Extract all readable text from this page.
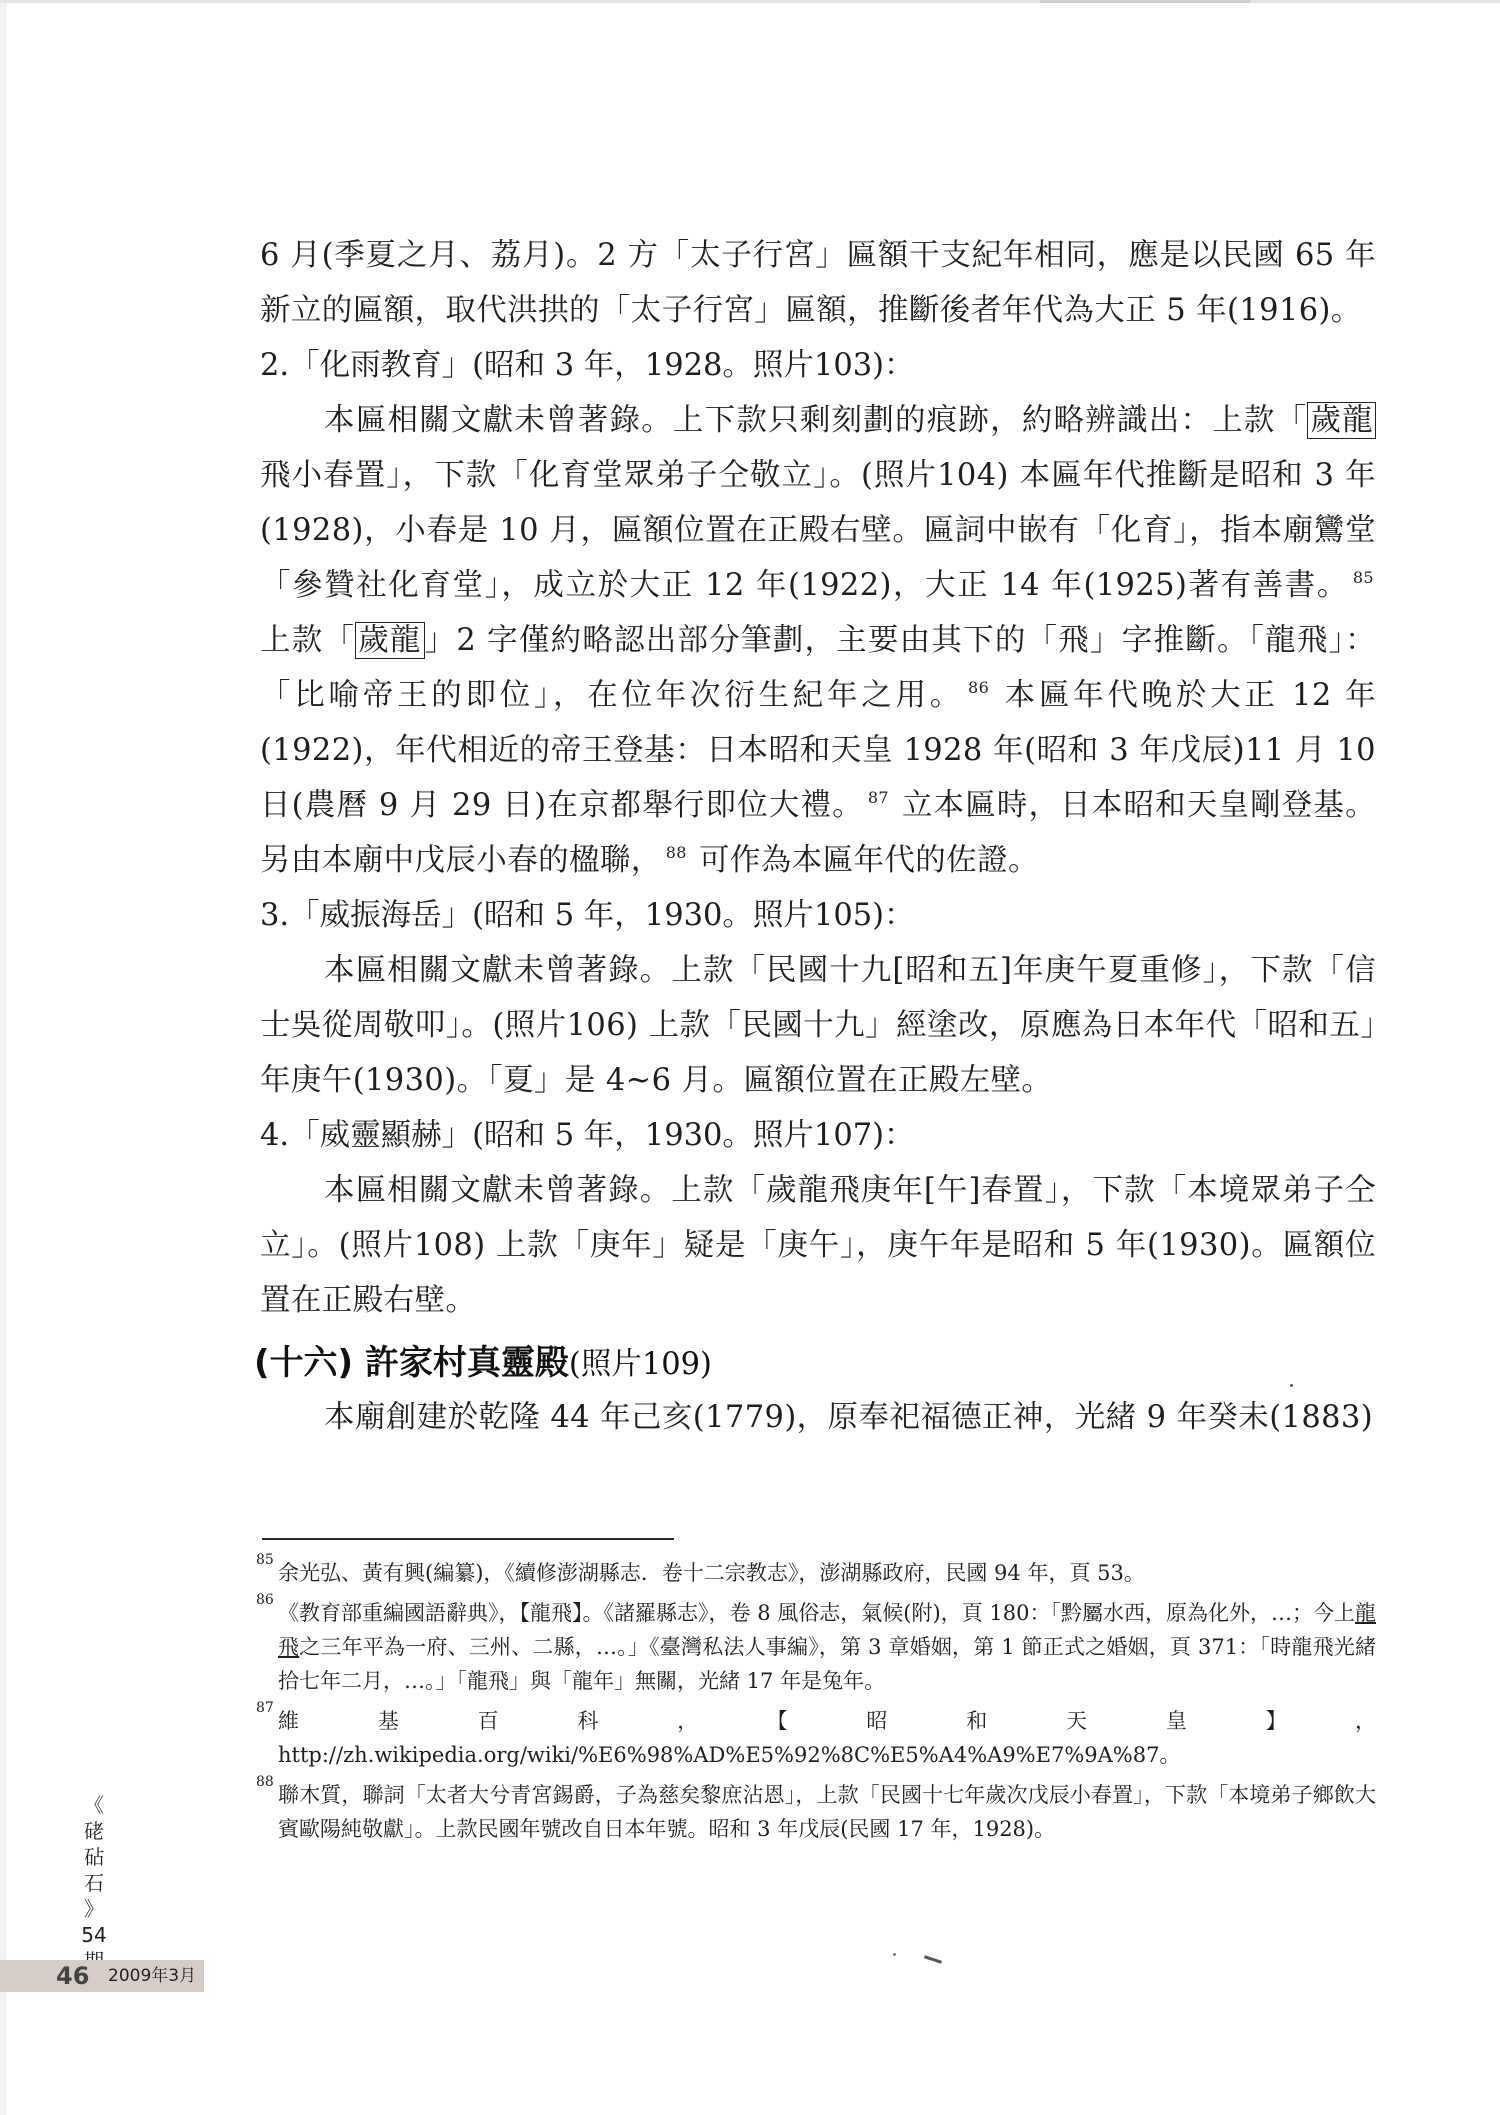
6 月(季夏之月、荔月)。2 方「太子行宮」匾額干支紀年相同，應是以民國 65 年新立的匾額，取代洪拱的「太子行宮」匾額，推斷後者年代為大正 5 年(1916)。

2.「化雨教育」(昭和 3 年，1928。照片103)：

本匾相關文獻未曾著錄。上下款只剩刻劃的痕跡，約略辨識出：上款「歲龍飛小春置」，下款「化育堂眾弟子仝敬立」。(照片104) 本匾年代推斷是昭和 3 年(1928)，小春是 10 月，匾額位置在正殿右壁。匾詞中嵌有「化育」，指本廟鸞堂「參贊社化育堂」，成立於大正 12 年(1922)，大正 14 年(1925)著有善書。 $^{85}$ 上款「歲龍」2 字僅約略認出部分筆劃，主要由其下的「飛」字推斷。「龍飛」：「比喻帝王的即位」，在位年次衍生紀年之用。 $^{86}$ 本匾年代晚於大正 12 年(1922)，年代相近的帝王登基：日本昭和天皇 1928 年(昭和 3 年戊辰)11 月 10 日(農曆 9 月 29 日)在京都舉行即位大禮。 $^{87}$ 立本匾時，日本昭和天皇剛登基。另由本廟中戊辰小春的楹聯， $^{88}$ 可作為本匾年代的佐證。

3.「威振海岳」(昭和 5 年，1930。照片105)：

本匾相關文獻未曾著錄。上款「民國十九[昭和五]年庚午夏重修」，下款「信士吳從周敬叩」。(照片106) 上款「民國十九」經塗改，原應為日本年代「昭和五」年庚午(1930)。「夏」是 4~6 月。匾額位置在正殿左壁。

4.「威靈顯赫」(昭和 5 年，1930。照片107)：

本匾相關文獻未曾著錄。上款「歲龍飛庚年[午]春置」，下款「本境眾弟子仝立」。(照片108) 上款「庚年」疑是「庚午」，庚午年是昭和 5 年(1930)。匾額位置在正殿右壁。

(十六) 許家村真靈殿(照片109)

本廟創建於乾隆 44 年己亥(1779)，原奉祀福德正神，光緒 9 年癸未(1883)

85
余光弘、黃有興(編纂)，《續修澎湖縣志．卷十二宗教志》，澎湖縣政府，民國 94 年，頁 53。

86
《教育部重編國語辭典》，【龍飛】。《諸羅縣志》，卷 8 風俗志，氣候(附)，頁 180：「黔屬水西，原為化外，…；今上龍飛之三年平為一府、三州、二縣，…。」《臺灣私法人事編》，第 3 章婚姻，第 1 節正式之婚姻，頁 371：「時龍飛光緒拾七年二月，…。」「龍飛」與「龍年」無關，光緒 17 年是兔年。

87
維基百科，【昭和天皇】，http://zh.wikipedia.org/wiki/%E6%98%AD%E5%92%8C%E5%A4%A9%E7%9A%87。

88
聯木質，聯詞「太者大兮青宮錫爵，子為慈矣黎庶沾恩」，上款「民國十七年歲次戊辰小春置」，下款「本境弟子鄉飲大賓歐陽純敬獻」。上款民國年號改自日本年號。昭和 3 年戊辰(民國 17 年，1928)。

《
硓
砧
石
》
54
46 2009年3月
